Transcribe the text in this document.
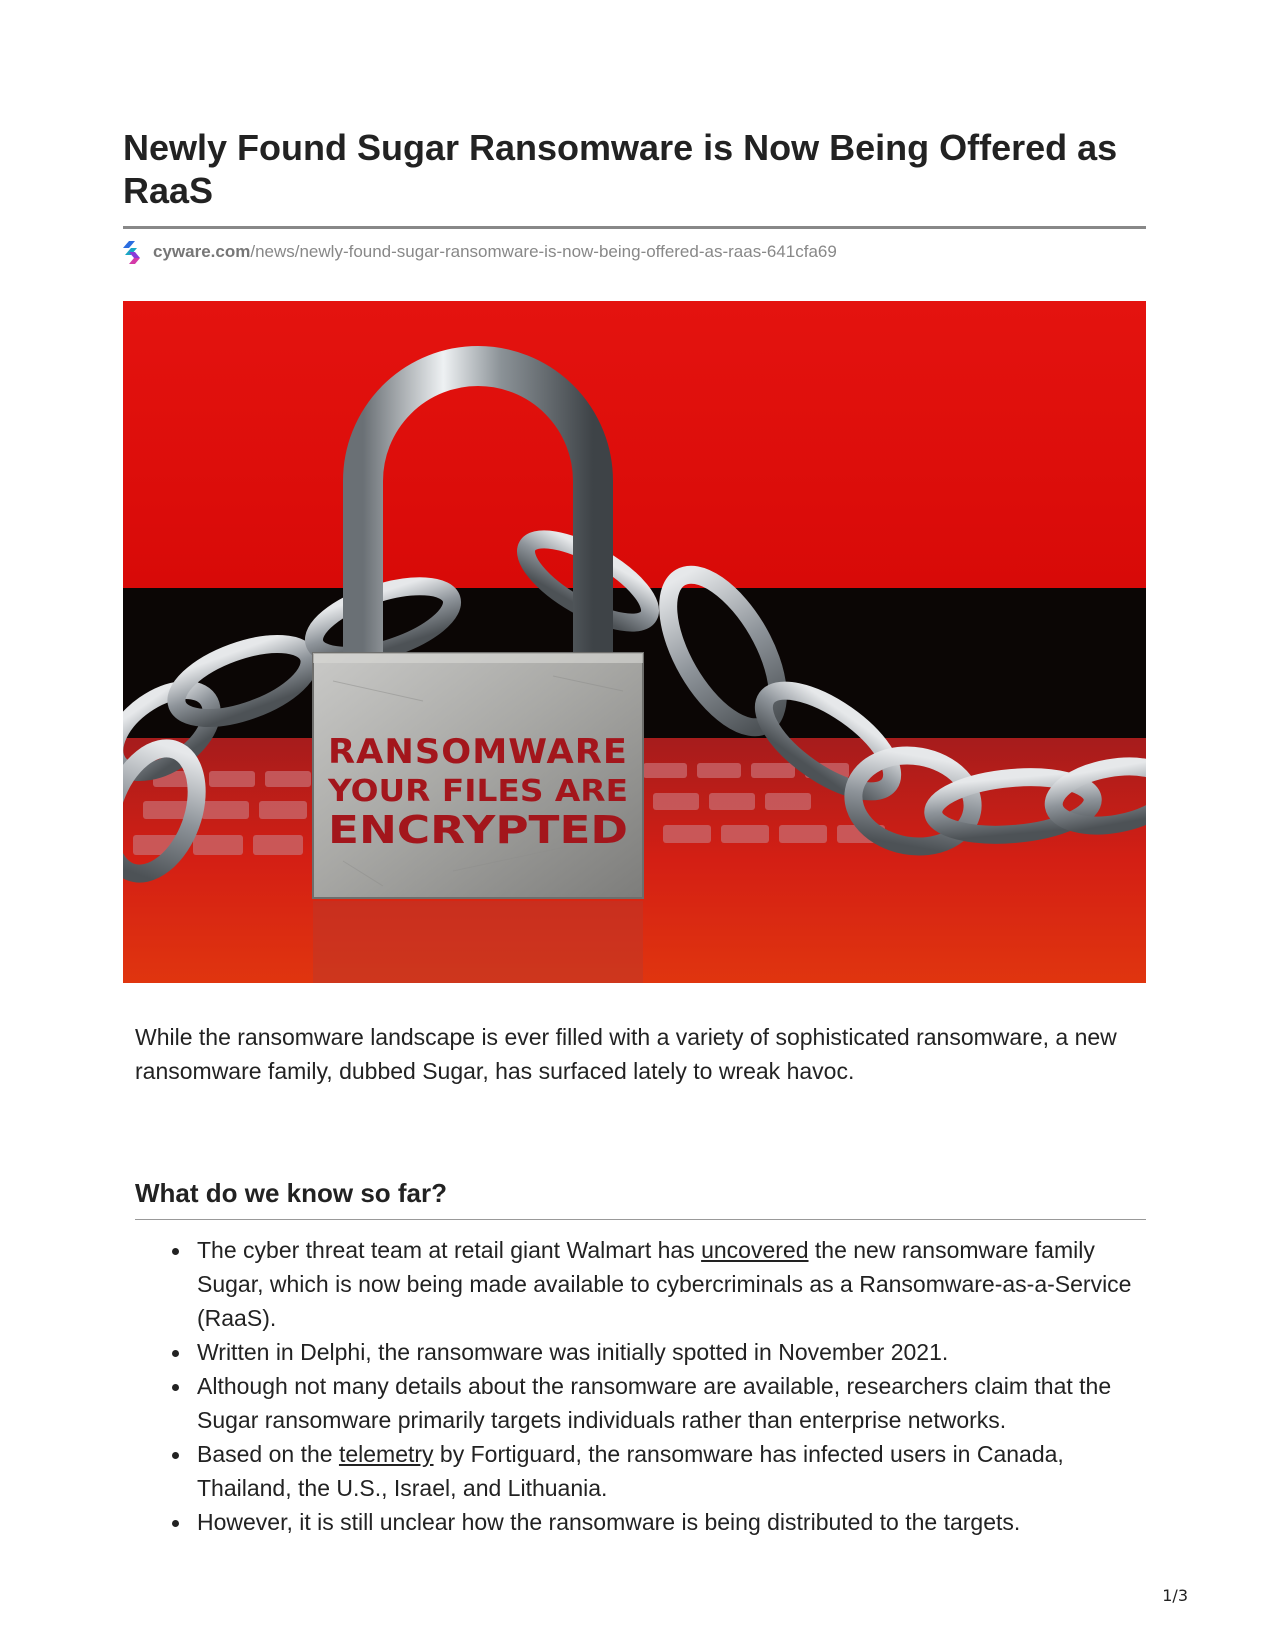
Newly Found Sugar Ransomware is Now Being Offered as RaaS
cyware.com /news/newly-found-sugar-ransomware-is-now-being-offered-as-raas-641cfa69
RANSOMWARE
YOUR FILES ARE
ENCRYPTED

While the ransomware landscape is ever filled with a variety of sophisticated ransomware, a new ransomware family, dubbed Sugar, has surfaced lately to wreak havoc.

What do we know so far?
The cyber threat team at retail giant Walmart has uncovered the new ransomware family Sugar, which is now being made available to cybercriminals as a Ransomware-as-a-Service (RaaS).
Written in Delphi, the ransomware was initially spotted in November 2021.
Although not many details about the ransomware are available, researchers claim that the Sugar ransomware primarily targets individuals rather than enterprise networks.
Based on the telemetry by Fortiguard, the ransomware has infected users in Canada, Thailand, the U.S., Israel, and Lithuania.
However, it is still unclear how the ransomware is being distributed to the targets.
1/3
